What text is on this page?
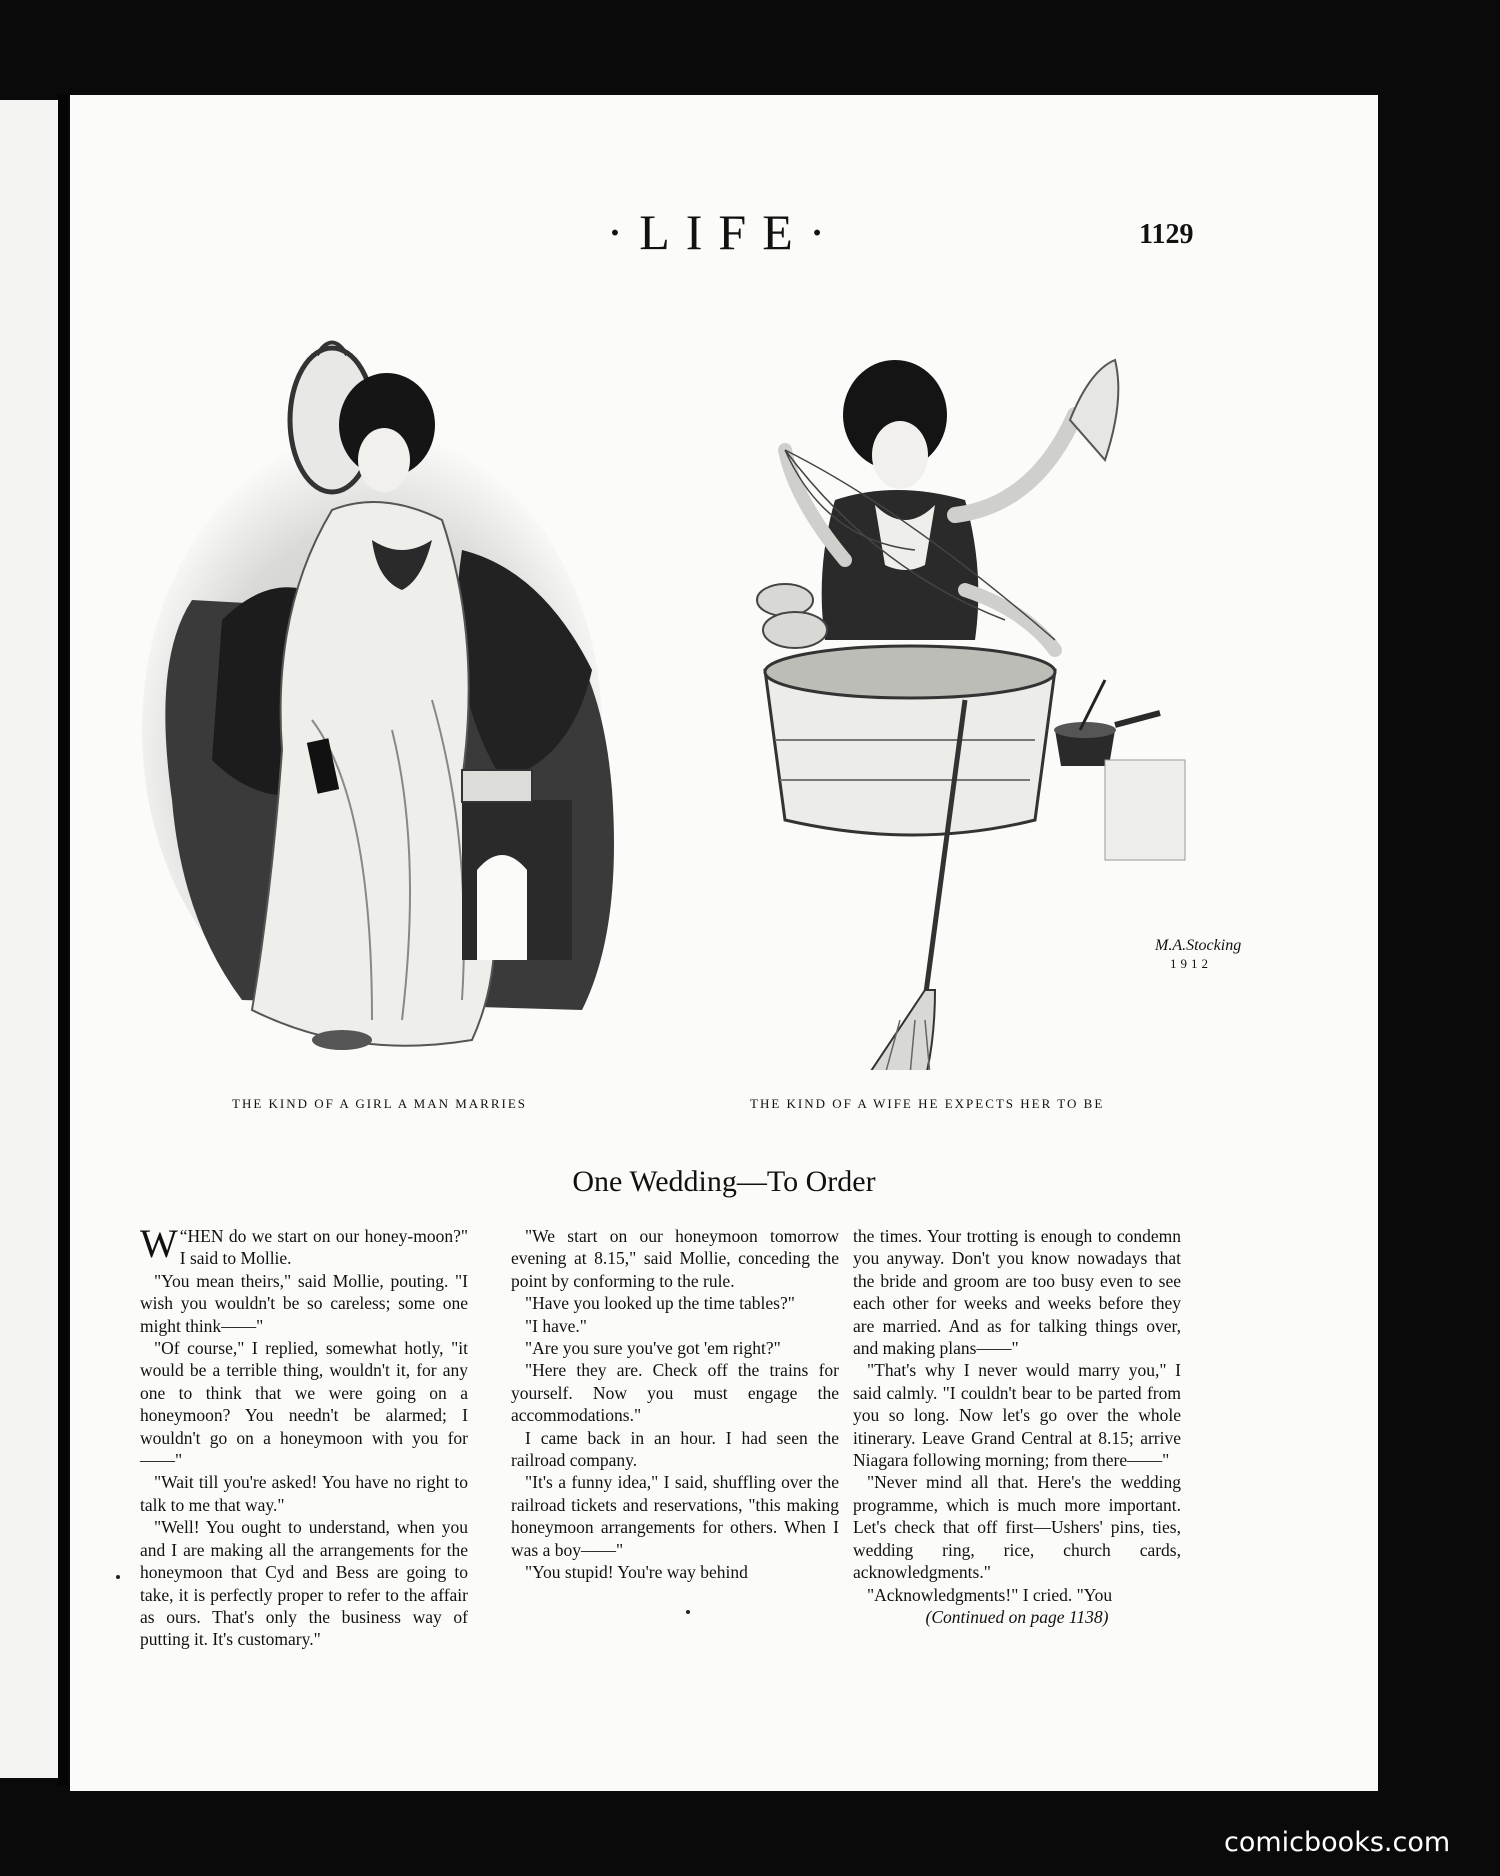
·LIFE·	1129
M.A.Stocking
1912
THE KIND OF A GIRL A MAN MARRIES	THE KIND OF A WIFE HE EXPECTS HER TO BE
One Wedding—To Order

“
W HEN do we start on our honey-moon?" I said to Mollie.

"You mean theirs," said Mollie, pouting. "I wish you wouldn't be so careless; some one might think——"

"Of course," I replied, somewhat hotly, "it would be a terrible thing, wouldn't it, for any one to think that we were going on a honeymoon? You needn't be alarmed; I wouldn't go on a honeymoon with you for——"

"Wait till you're asked! You have no right to talk to me that way."

"Well! You ought to understand, when you and I are making all the arrangements for the honeymoon that Cyd and Bess are going to take, it is perfectly proper to refer to the affair as ours. That's only the business way of putting it. It's customary."

"We start on our honeymoon tomorrow evening at 8.15," said Mollie, conceding the point by conforming to the rule.

"Have you looked up the time tables?"

"I have."

"Are you sure you've got 'em right?"

"Here they are. Check off the trains for yourself. Now you must engage the accommodations."

I came back in an hour. I had seen the railroad company.

"It's a funny idea," I said, shuffling over the railroad tickets and reservations, "this making honeymoon arrangements for others. When I was a boy——"

"You stupid! You're way behind

the times. Your trotting is enough to condemn you anyway. Don't you know nowadays that the bride and groom are too busy even to see each other for weeks and weeks before they are married. And as for talking things over, and making plans——"

"That's why I never would marry you," I said calmly. "I couldn't bear to be parted from you so long. Now let's go over the whole itinerary. Leave Grand Central at 8.15; arrive Niagara following morning; from there——"

"Never mind all that. Here's the wedding programme, which is much more important. Let's check that off first—Ushers' pins, ties, wedding ring, rice, church cards, acknowledgments."

"Acknowledgments!" I cried. "You

(Continued on page 1138)

comicbooks.com
